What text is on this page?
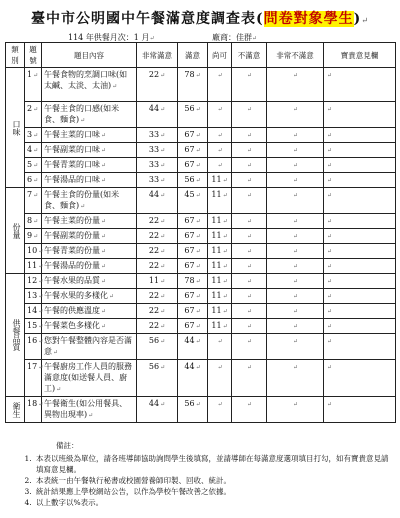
臺中市公明國中午餐滿意度調查表(問卷對象學生)↵
114 年供餐月次：1 月↵	廠商：佳群↵
類別	題號	題目內容	非常滿意	滿意	尚可	不滿意	非常不滿意	寶貴意見欄
口味	1↵	午餐食物的烹調口味(如太鹹、太淡、太油)↵	22↵	78↵	↵	↵	↵	↵
	2↵	午餐主食的口感(如米食、麵食)↵	44↵	56↵	↵	↵	↵	↵
	3↵	午餐主菜的口味↵	33↵	67↵	↵	↵	↵	↵
	4↵	午餐副菜的口味↵	33↵	67↵	↵	↵	↵	↵
	5↵	午餐青菜的口味↵	33↵	67↵	↵	↵	↵	↵
	6↵	午餐湯品的口味↵	33↵	56↵	11↵	↵	↵	↵
份量	7↵	午餐主食的份量(如米食、麵食)↵	44↵	45↵	11↵	↵	↵	↵
	8↵	午餐主菜的份量↵	22↵	67↵	11↵	↵	↵	↵
	9↵	午餐副菜的份量↵	22↵	67↵	11↵	↵	↵	↵
	10↵	午餐青菜的份量↵	22↵	67↵	11↵	↵	↵	↵
	11↵	午餐湯品的份量↵	22↵	67↵	11↵	↵	↵	↵
供餐品質	12↵	午餐水果的品質↵	11↵	78↵	11↵	↵	↵	↵
	13↵	午餐水果的多樣化↵	22↵	67↵	11↵	↵	↵	↵
	14↵	午餐的供應溫度↵	22↵	67↵	11↵	↵	↵	↵
	15↵	午餐菜色多樣化↵	22↵	67↵	11↵	↵	↵	↵
	16↵	您對午餐整體內容是否滿意↵	56↵	44↵	↵	↵	↵	↵
	17↵	午餐廚房工作人員的服務滿意度(如送餐人員、廚工)↵	56↵	44↵	↵	↵	↵	↵
衛生	18↵	午餐衛生(如公用餐具、異物出現率)↵	44↵	56↵	↵	↵	↵	↵
備註：
1. 本表以班級為單位，請各班導師協助詢問學生後填寫，並請導師在每滿意度選項填目打勾，如有寶貴意見請填寫意見欄。
2. 本表統一由午餐執行秘書或校園營養師印製、回收、統計。
3. 統計結果應上學校網站公告，以作為學校午餐改善之依據。
4. 以上數字以%表示。
